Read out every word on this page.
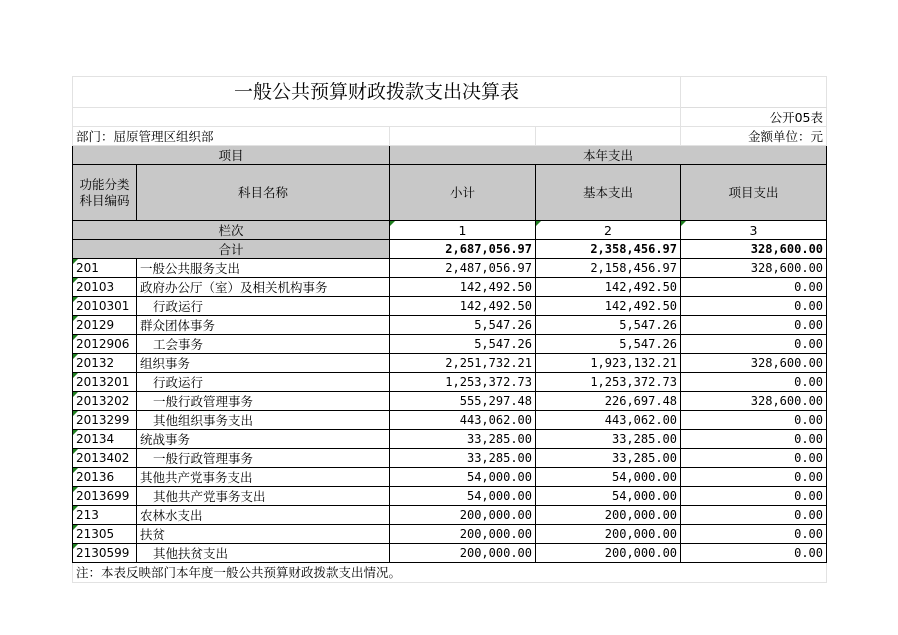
一般公共预算财政拨款支出决算表				
				公开05表
部门：屈原管理区组织部				金额单位：元
项目		本年支出		
功能分类科目编码	科目名称	小计	基本支出	项目支出
栏次		1	2	3
合计		2,687,056.97	2,358,456.97	328,600.00
201	一般公共服务支出	2,487,056.97	2,158,456.97	328,600.00
20103	政府办公厅（室）及相关机构事务	142,492.50	142,492.50	0.00
2010301	行政运行	142,492.50	142,492.50	0.00
20129	群众团体事务	5,547.26	5,547.26	0.00
2012906	工会事务	5,547.26	5,547.26	0.00
20132	组织事务	2,251,732.21	1,923,132.21	328,600.00
2013201	行政运行	1,253,372.73	1,253,372.73	0.00
2013202	一般行政管理事务	555,297.48	226,697.48	328,600.00
2013299	其他组织事务支出	443,062.00	443,062.00	0.00
20134	统战事务	33,285.00	33,285.00	0.00
2013402	一般行政管理事务	33,285.00	33,285.00	0.00
20136	其他共产党事务支出	54,000.00	54,000.00	0.00
2013699	其他共产党事务支出	54,000.00	54,000.00	0.00
213	农林水支出	200,000.00	200,000.00	0.00
21305	扶贫	200,000.00	200,000.00	0.00
2130599	其他扶贫支出	200,000.00	200,000.00	0.00
注：本表反映部门本年度一般公共预算财政拨款支出情况。				
